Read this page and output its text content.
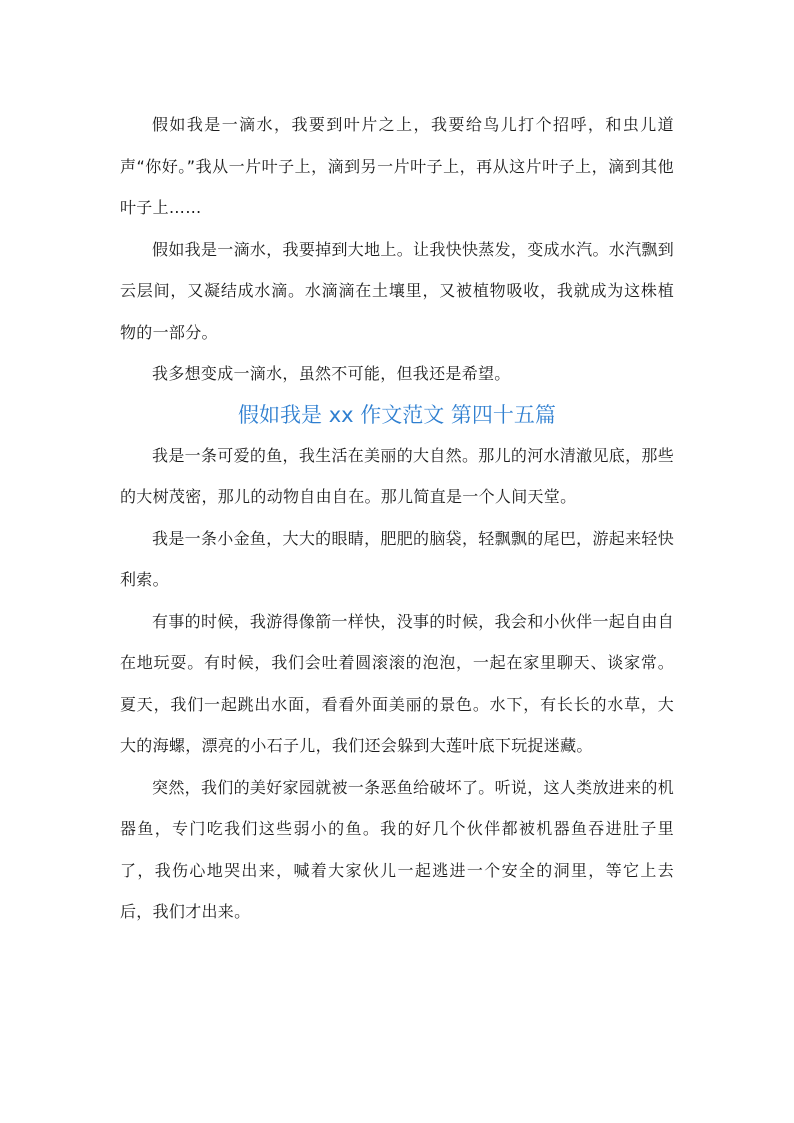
假如我是一滴水，我要到叶片之上，我要给鸟儿打个招呼，和虫儿道声“你好。”我从一片叶子上，滴到另一片叶子上，再从这片叶子上，滴到其他叶子上……

假如我是一滴水，我要掉到大地上。让我快快蒸发，变成水汽。水汽飘到云层间，又凝结成水滴。水滴滴在土壤里，又被植物吸收，我就成为这株植物的一部分。

我多想变成一滴水，虽然不可能，但我还是希望。

假如我是 xx 作文范文 第四十五篇

我是一条可爱的鱼，我生活在美丽的大自然。那儿的河水清澈见底，那些的大树茂密，那儿的动物自由自在。那儿简直是一个人间天堂。

我是一条小金鱼，大大的眼睛，肥肥的脑袋，轻飘飘的尾巴，游起来轻快利索。

有事的时候，我游得像箭一样快，没事的时候，我会和小伙伴一起自由自在地玩耍。有时候，我们会吐着圆滚滚的泡泡，一起在家里聊天、谈家常。夏天，我们一起跳出水面，看看外面美丽的景色。水下，有长长的水草，大大的海螺，漂亮的小石子儿，我们还会躲到大莲叶底下玩捉迷藏。

突然，我们的美好家园就被一条恶鱼给破坏了。听说，这人类放进来的机器鱼，专门吃我们这些弱小的鱼。我的好几个伙伴都被机器鱼吞进肚子里了，我伤心地哭出来，喊着大家伙儿一起逃进一个安全的洞里，等它上去后，我们才出来。
